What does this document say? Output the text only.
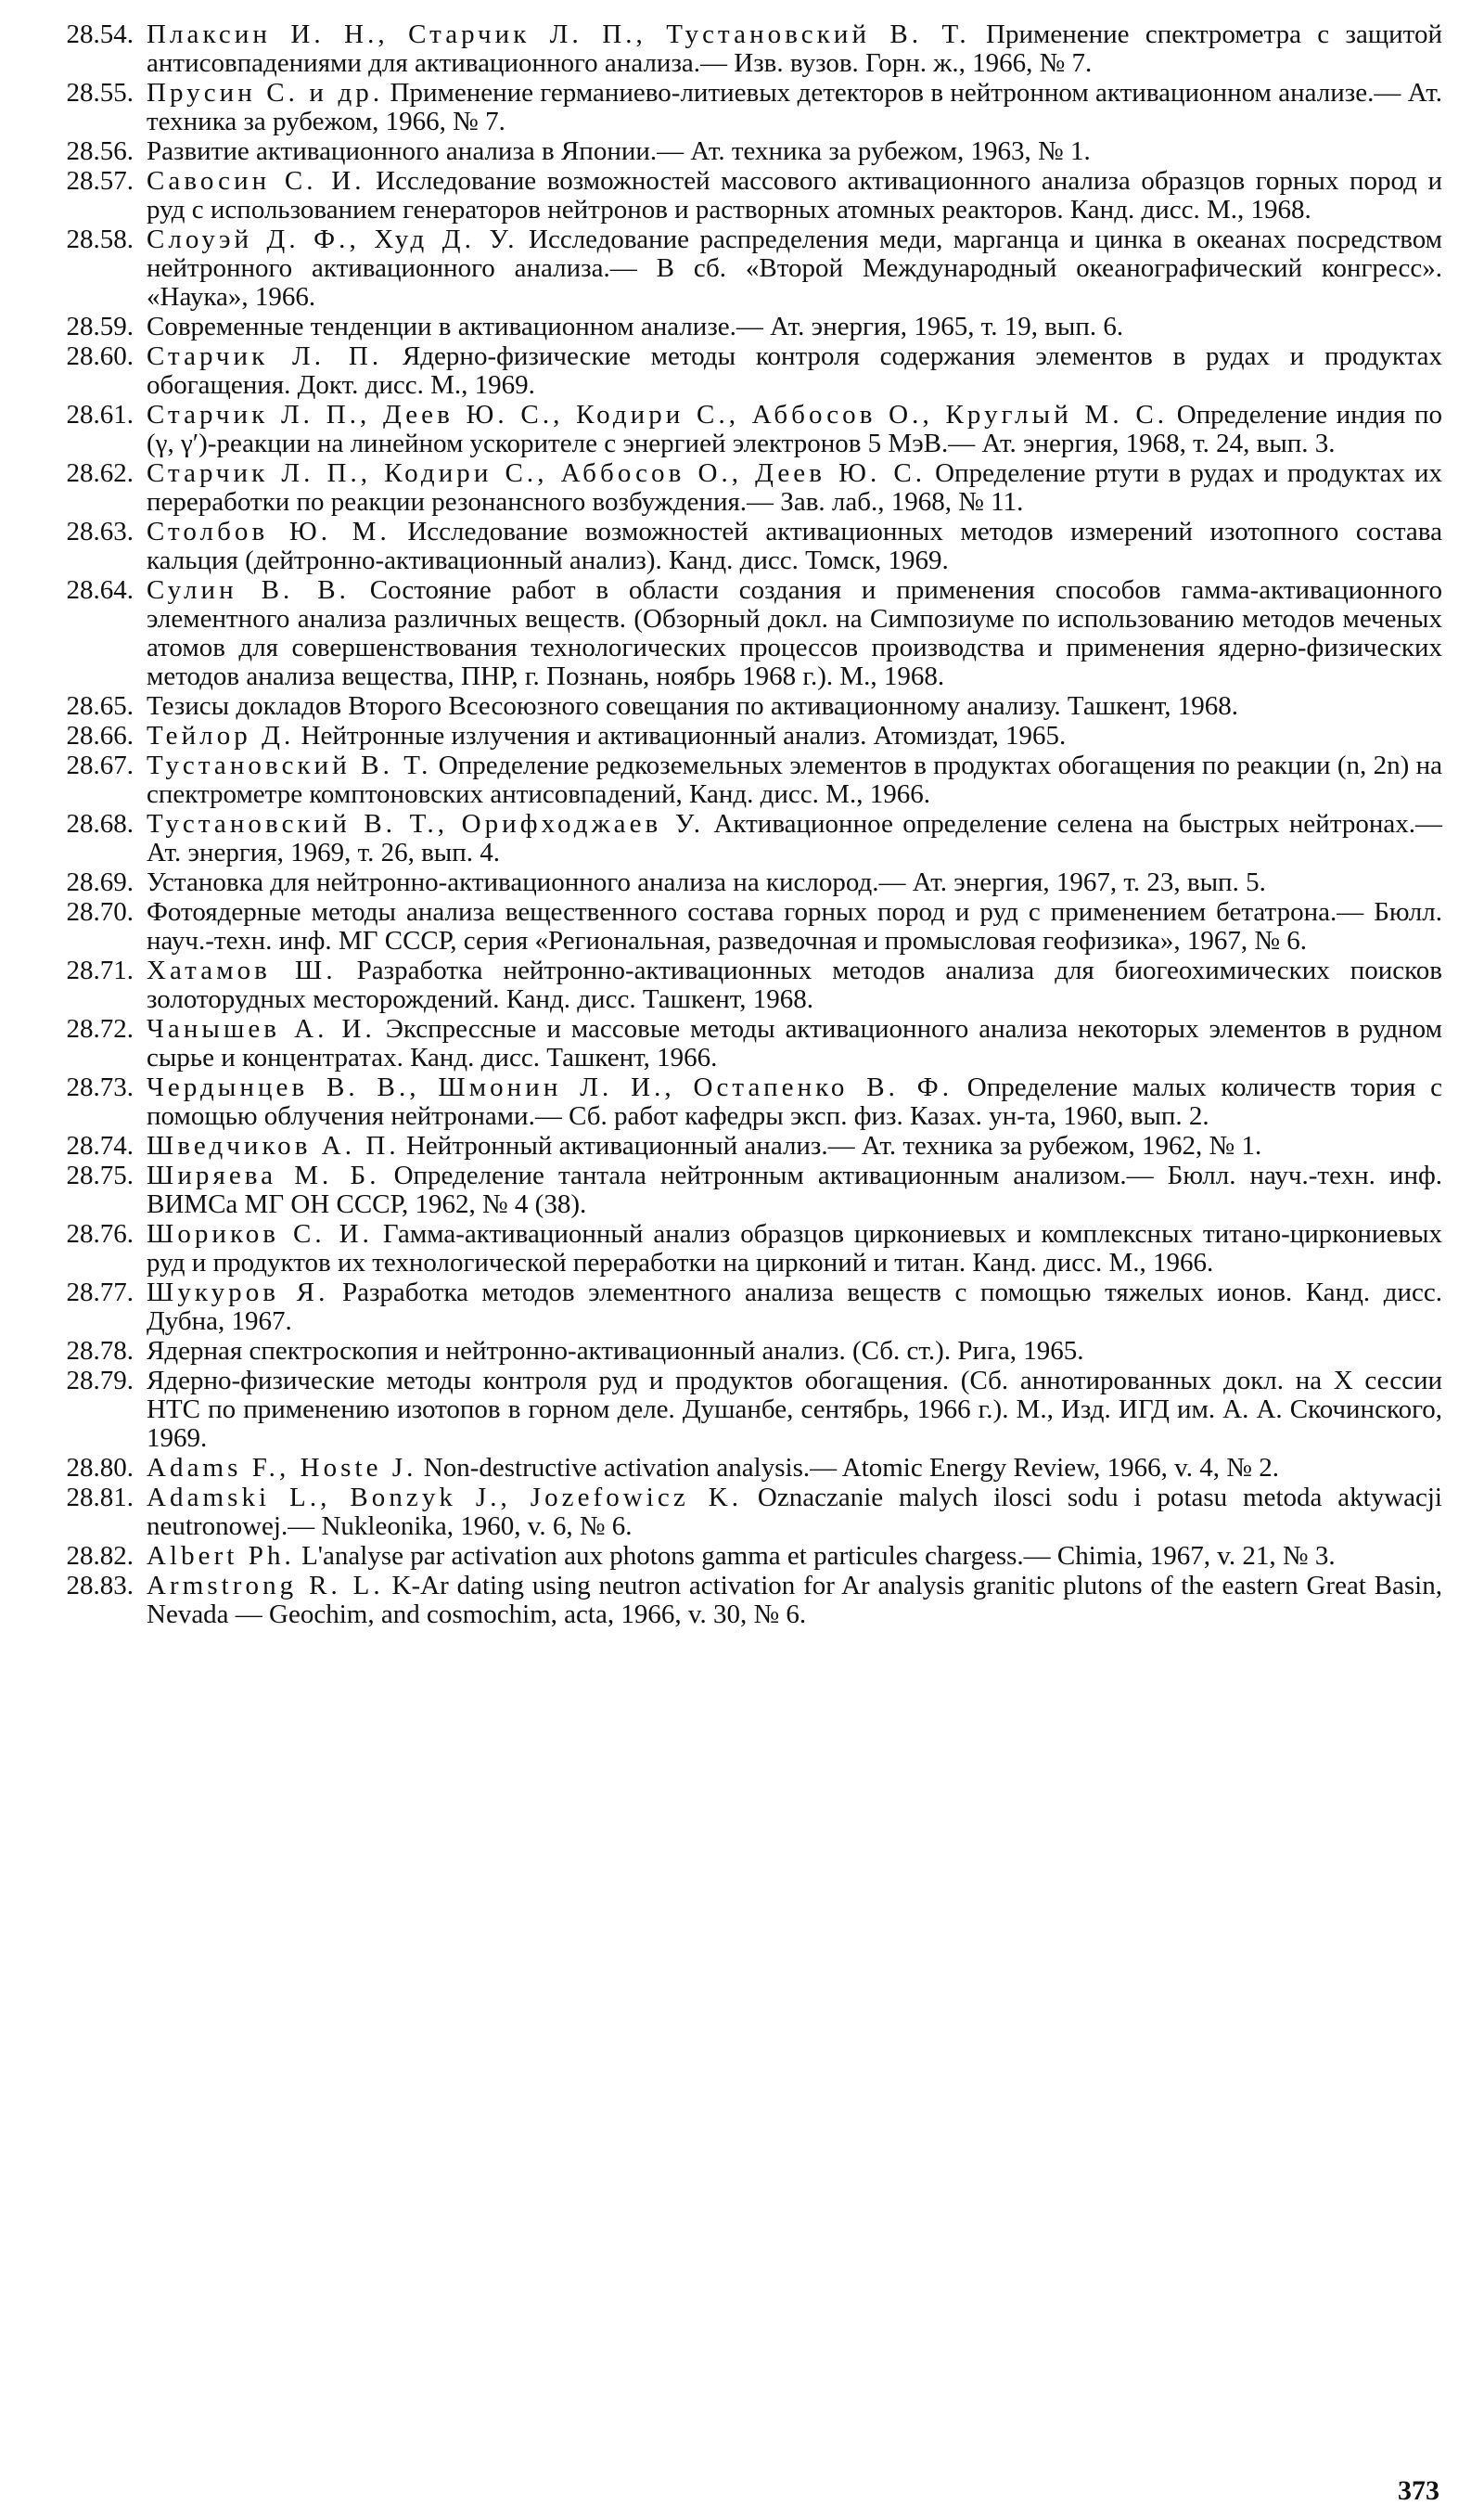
28.54. Плаксин И. Н., Старчик Л. П., Тустановский В. Т. Применение спектрометра с защитой антисовпадениями для активационного анализа.— Изв. вузов. Горн. ж., 1966, № 7.
28.55. Прусин С. и др. Применение германиево-литиевых детекторов в нейтронном активационном анализе.— Ат. техника за рубежом, 1966, № 7.
28.56. Развитие активационного анализа в Японии.— Ат. техника за рубежом, 1963, № 1.
28.57. Савосин С. И. Исследование возможностей массового активационного анализа образцов горных пород и руд с использованием генераторов нейтронов и растворных атомных реакторов. Канд. дисс. М., 1968.
28.58. Слоуэй Д. Ф., Худ Д. У. Исследование распределения меди, марганца и цинка в океанах посредством нейтронного активационного анализа.— В сб. «Второй Международный океанографический конгресс». «Наука», 1966.
28.59. Современные тенденции в активационном анализе.— Ат. энергия, 1965, т. 19, вып. 6.
28.60. Старчик Л. П. Ядерно-физические методы контроля содержания элементов в рудах и продуктах обогащения. Докт. дисс. М., 1969.
28.61. Старчик Л. П., Деев Ю. С., Кодири С., Аббосов О., Круглый М. С. Определение индия по (γ, γ′)-реакции на линейном ускорителе с энергией электронов 5 МэВ.— Ат. энергия, 1968, т. 24, вып. 3.
28.62. Старчик Л. П., Кодири С., Аббосов О., Деев Ю. С. Определение ртути в рудах и продуктах их переработки по реакции резонансного возбуждения.— Зав. лаб., 1968, № 11.
28.63. Столбов Ю. М. Исследование возможностей активационных методов измерений изотопного состава кальция (дейтронно-активационный анализ). Канд. дисс. Томск, 1969.
28.64. Сулин В. В. Состояние работ в области создания и применения способов гамма-активационного элементного анализа различных веществ. (Обзорный докл. на Симпозиуме по использованию методов меченых атомов для совершенствования технологических процессов производства и применения ядерно-физических методов анализа вещества, ПНР, г. Познань, ноябрь 1968 г.). М., 1968.
28.65. Тезисы докладов Второго Всесоюзного совещания по активационному анализу. Ташкент, 1968.
28.66. Тейлор Д. Нейтронные излучения и активационный анализ. Атомиздат, 1965.
28.67. Тустановский В. Т. Определение редкоземельных элементов в продуктах обогащения по реакции (n, 2n) на спектрометре комптоновских антисовпадений, Канд. дисс. М., 1966.
28.68. Тустановский В. Т., Орифходжаев У. Активационное определение селена на быстрых нейтронах.— Ат. энергия, 1969, т. 26, вып. 4.
28.69. Установка для нейтронно-активационного анализа на кислород.— Ат. энергия, 1967, т. 23, вып. 5.
28.70. Фотоядерные методы анализа вещественного состава горных пород и руд с применением бетатрона.— Бюлл. науч.-техн. инф. МГ СССР, серия «Региональная, разведочная и промысловая геофизика», 1967, № 6.
28.71. Хатамов Ш. Разработка нейтронно-активационных методов анализа для биогеохимических поисков золоторудных месторождений. Канд. дисс. Ташкент, 1968.
28.72. Чанышев А. И. Экспрессные и массовые методы активационного анализа некоторых элементов в рудном сырье и концентратах. Канд. дисс. Ташкент, 1966.
28.73. Чердынцев В. В., Шмонин Л. И., Остапенко В. Ф. Определение малых количеств тория с помощью облучения нейтронами.— Сб. работ кафедры эксп. физ. Казах. ун-та, 1960, вып. 2.
28.74. Шведчиков А. П. Нейтронный активационный анализ.— Ат. техника за рубежом, 1962, № 1.
28.75. Ширяева М. Б. Определение тантала нейтронным активационным анализом.— Бюлл. науч.-техн. инф. ВИМСа МГ ОН СССР, 1962, № 4 (38).
28.76. Шориков С. И. Гамма-активационный анализ образцов циркониевых и комплексных титано-циркониевых руд и продуктов их технологической переработки на цирконий и титан. Канд. дисс. М., 1966.
28.77. Шукуров Я. Разработка методов элементного анализа веществ с помощью тяжелых ионов. Канд. дисс. Дубна, 1967.
28.78. Ядерная спектроскопия и нейтронно-активационный анализ. (Сб. ст.). Рига, 1965.
28.79. Ядерно-физические методы контроля руд и продуктов обогащения. (Сб. аннотированных докл. на X сессии НТС по применению изотопов в горном деле. Душанбе, сентябрь, 1966 г.). М., Изд. ИГД им. А. А. Скочинского, 1969.
28.80. Adams F., Hoste J. Non-destructive activation analysis.— Atomic Energy Review, 1966, v. 4, № 2.
28.81. Adamski L., Bonzyk J., Jozefowicz K. Oznaczanie malych ilosci sodu i potasu metoda aktywacji neutronowej.— Nukleonika, 1960, v. 6, № 6.
28.82. Albert Ph. L'analyse par activation aux photons gamma et particules chargess.— Chimia, 1967, v. 21, № 3.
28.83. Armstrong R. L. K-Ar dating using neutron activation for Ar analysis granitic plutons of the eastern Great Basin, Nevada — Geochim, and cosmochim, acta, 1966, v. 30, № 6.
373
